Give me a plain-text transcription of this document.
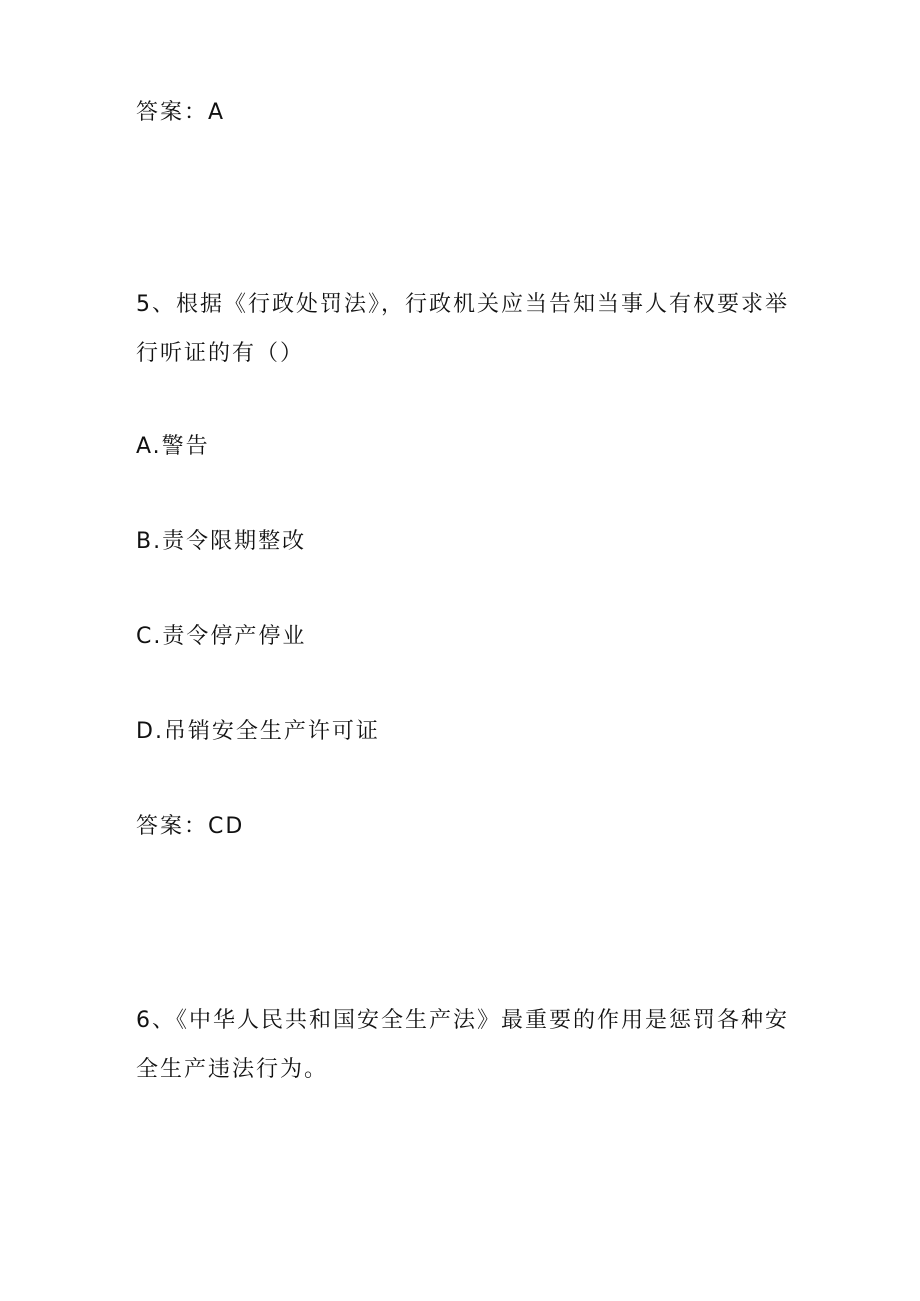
答案：A
5、根据《行政处罚法》，行政机关应当告知当事人有权要求举
行听证的有（）
A.警告
B.责令限期整改
C.责令停产停业
D.吊销安全生产许可证
答案：CD
6、《中华人民共和国安全生产法》最重要的作用是惩罚各种安
全生产违法行为。
